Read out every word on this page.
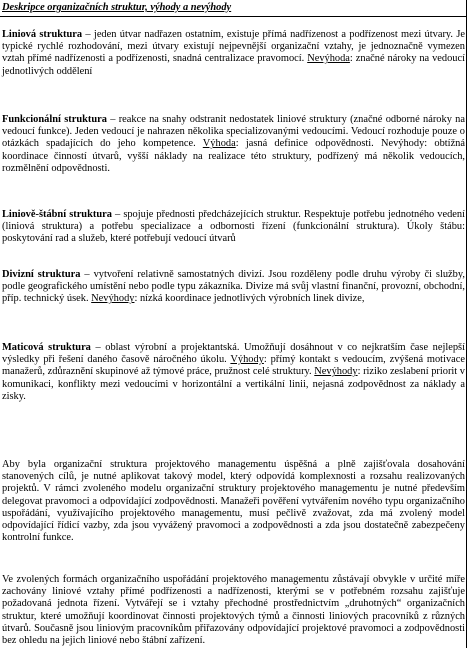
Deskripce organizačních struktur, výhody a nevýhody

Liniová struktura – jeden útvar nadřazen ostatním, existuje přímá nadřízenost a podřízenost mezi útvary. Je typické rychlé rozhodování, mezi útvary existují nejpevnější organizační vztahy, je jednoznačně vymezen vztah přímé nadřízenosti a podřízenosti, snadná centralizace pravomocí. Nevýhoda: značné nároky na vedoucí jednotlivých oddělení

Funkcionální struktura – reakce na snahy odstranit nedostatek liniové struktury (značné odborné nároky na vedoucí funkce). Jeden vedoucí je nahrazen několika specializovanými vedoucími. Vedoucí rozhoduje pouze o otázkách spadajících do jeho kompetence. Výhoda: jasná definice odpovědnosti. Nevýhody: obtížná koordinace činností útvarů, vyšší náklady na realizace této struktury, podřízený má několik vedoucích, rozmělnění odpovědnosti.

Liniově-štábní struktura – spojuje přednosti předcházejících struktur. Respektuje potřebu jednotného vedení (liniová struktura) a potřebu specializace a odbornosti řízení (funkcionální struktura). Úkoly štábu: poskytování rad a služeb, které potřebují vedoucí útvarů

Divizní struktura – vytvoření relativně samostatných divizí. Jsou rozděleny podle druhu výroby či služby, podle geografického umístění nebo podle typu zákazníka. Divize má svůj vlastní finanční, provozní, obchodní, příp. technický úsek. Nevýhody: nízká koordinace jednotlivých výrobních linek divize,

Maticová struktura – oblast výrobní a projektantská. Umožňují dosáhnout v co nejkratším čase nejlepší výsledky při řešení daného časově náročného úkolu. Výhody: přímý kontakt s vedoucím, zvýšená motivace manažerů, zdůraznění skupinové až týmové práce, pružnost celé struktury. Nevýhody: riziko zeslabení priorit v komunikaci, konflikty mezi vedoucími v horizontální a vertikální linii, nejasná zodpovědnost za náklady a zisky.

Aby byla organizační struktura projektového managementu úspěšná a plně zajišťovala dosahování stanovených cílů, je nutné aplikovat takový model, který odpovídá komplexnosti a rozsahu realizovaných projektů. V rámci zvoleného modelu organizační struktury projektového managementu je nutné především delegovat pravomoci a odpovídající zodpovědnosti. Manažeři pověření vytvářením nového typu organizačního uspořádání, využívajícího projektového managementu, musí pečlivě zvažovat, zda má zvolený model odpovídající řídicí vazby, zda jsou vyvážený pravomoci a zodpovědnosti a zda jsou dostatečně zabezpečeny kontrolní funkce.

Ve zvolených formách organizačního uspořádání projektového managementu zůstávají obvykle v určité míře zachovány liniové vztahy přímé podřízenosti a nadřízenosti, kterými se v potřebném rozsahu zajišťuje požadovaná jednota řízení. Vytvářejí se i vztahy přechodné prostřednictvím „druhotných“ organizačních struktur, které umožňují koordinovat činnosti projektových týmů a činnosti liniových pracovníků z různých útvarů. Současně jsou liniovým pracovníkům přiřazovány odpovídající projektové pravomoci a zodpovědnosti bez ohledu na jejich liniové nebo štábní zařízení.
